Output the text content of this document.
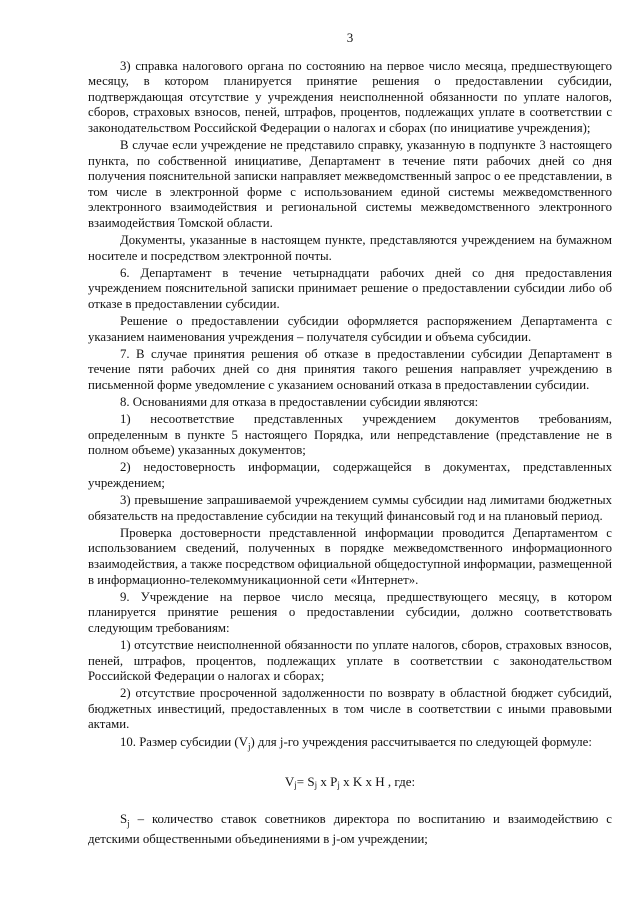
3

3) справка налогового органа по состоянию на первое число месяца, предшествующего месяцу, в котором планируется принятие решения о предоставлении субсидии, подтверждающая отсутствие у учреждения неисполненной обязанности по уплате налогов, сборов, страховых взносов, пеней, штрафов, процентов, подлежащих уплате в соответствии с законодательством Российской Федерации о налогах и сборах (по инициативе учреждения);

В случае если учреждение не представило справку, указанную в подпункте 3 настоящего пункта, по собственной инициативе, Департамент в течение пяти рабочих дней со дня получения пояснительной записки направляет межведомственный запрос о ее представлении, в том числе в электронной форме с использованием единой системы межведомственного электронного взаимодействия и региональной системы межведомственного электронного взаимодействия Томской области.

Документы, указанные в настоящем пункте, представляются учреждением на бумажном носителе и посредством электронной почты.

6. Департамент в течение четырнадцати рабочих дней со дня предоставления учреждением пояснительной записки принимает решение о предоставлении субсидии либо об отказе в предоставлении субсидии.

Решение о предоставлении субсидии оформляется распоряжением Департамента с указанием наименования учреждения – получателя субсидии и объема субсидии.

7. В случае принятия решения об отказе в предоставлении субсидии Департамент в течение пяти рабочих дней со дня принятия такого решения направляет учреждению в письменной форме уведомление с указанием оснований отказа в предоставлении субсидии.

8. Основаниями для отказа в предоставлении субсидии являются:

1) несоответствие представленных учреждением документов требованиям, определенным в пункте 5 настоящего Порядка, или непредставление (представление не в полном объеме) указанных документов;

2) недостоверность информации, содержащейся в документах, представленных учреждением;

3) превышение запрашиваемой учреждением суммы субсидии над лимитами бюджетных обязательств на предоставление субсидии на текущий финансовый год и на плановый период.

Проверка достоверности представленной информации проводится Департаментом с использованием сведений, полученных в порядке межведомственного информационного взаимодействия, а также посредством официальной общедоступной информации, размещенной в информационно-телекоммуникационной сети «Интернет».

9. Учреждение на первое число месяца, предшествующего месяцу, в котором планируется принятие решения о предоставлении субсидии, должно соответствовать следующим требованиям:

1) отсутствие неисполненной обязанности по уплате налогов, сборов, страховых взносов, пеней, штрафов, процентов, подлежащих уплате в соответствии с законодательством Российской Федерации о налогах и сборах;

2) отсутствие просроченной задолженности по возврату в областной бюджет субсидий, бюджетных инвестиций, предоставленных в том числе в соответствии с иными правовыми актами.

10. Размер субсидии $(V_j)$ для j-го учреждения рассчитывается по следующей формуле:

$V_j= S_j$ x $P_j$ x K x H , где:

$S_j$ – количество ставок советников директора по воспитанию и взаимодействию с детскими общественными объединениями в j-ом учреждении;
